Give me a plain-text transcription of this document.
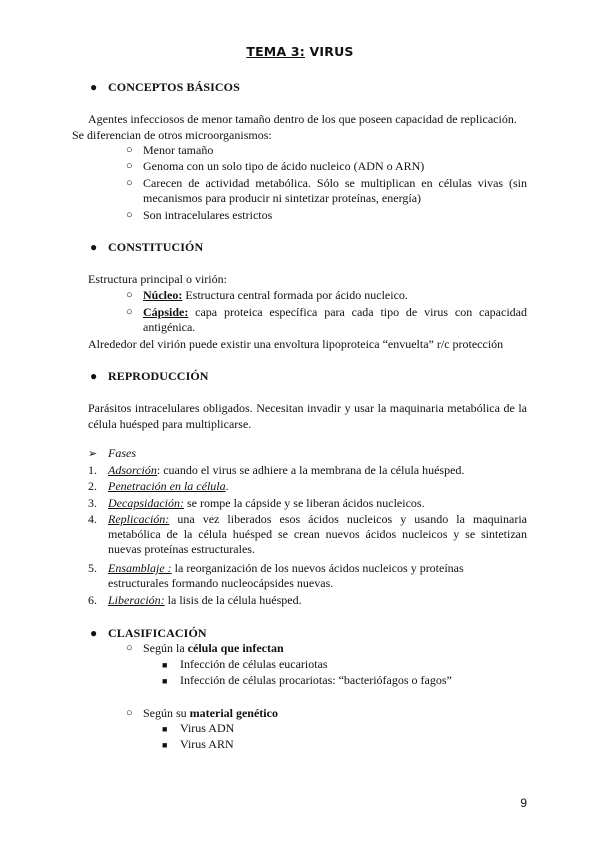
TEMA 3: VIRUS
● CONCEPTOS BÁSICOS
Agentes infecciosos de menor tamaño dentro de los que poseen capacidad de replicación.
Se diferencian de otros microorganismos:
○ Menor tamaño
○ Genoma con un solo tipo de ácido nucleico (ADN o ARN)
○ Carecen de actividad metabólica. Sólo se multiplican en células vivas (sin mecanismos para producir ni sintetizar proteínas, energía)
○ Son intracelulares estrictos
● CONSTITUCIÓN
Estructura principal o virión:
○ Núcleo: Estructura central formada por ácido nucleico.
○ Cápside: capa proteica específica para cada tipo de virus con capacidad antigénica.
Alrededor del virión puede existir una envoltura lipoproteica “envuelta” r/c protección
● REPRODUCCIÓN
Parásitos intracelulares obligados. Necesitan invadir y usar la maquinaria metabólica de la célula huésped para multiplicarse.
➢ Fases
1. Adsorción: cuando el virus se adhiere a la membrana de la célula huésped.
2. Penetración en la célula.
3. Decapsidación: se rompe la cápside y se liberan ácidos nucleicos.
4. Replicación: una vez liberados esos ácidos nucleicos y usando la maquinaria metabólica de la célula huésped se crean nuevos ácidos nucleicos y se sintetizan nuevas proteínas estructurales.
5. Ensamblaje : la reorganización de los nuevos ácidos nucleicos y proteínas estructurales formando nucleocápsides nuevas.
6. Liberación: la lisis de la célula huésped.
● CLASIFICACIÓN
○ Según la célula que infectan
■ Infección de células eucariotas
■ Infección de células procariotas: “bacteriófagos o fagos”
○ Según su material genético
■ Virus ADN
■ Virus ARN
9
